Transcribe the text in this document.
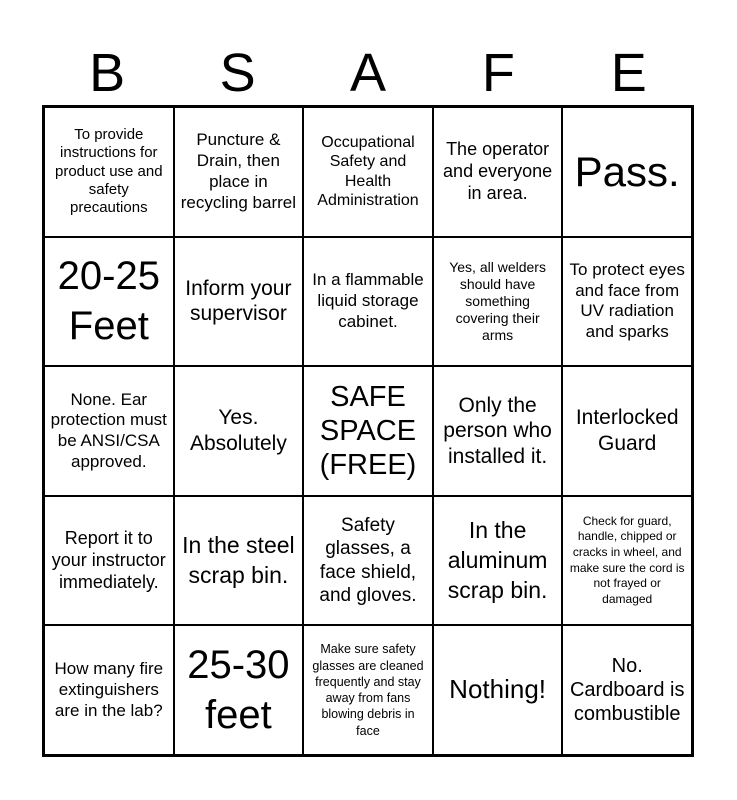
B	S	A	F	E
To provide instructions for product use and safety precautions
Puncture & Drain, then place in recycling barrel
Occupational Safety and Health Administration
The operator and everyone in area.	Pass.
20-25 Feet
Inform your supervisor
In a flammable liquid storage cabinet.
Yes, all welders should have something covering their arms
To protect eyes and face from UV radiation and sparks
None. Ear protection must be ANSI/CSA approved.
Yes. Absolutely
SAFE SPACE (FREE)
Only the person who installed it.
Interlocked Guard
Report it to your instructor immediately.
In the steel scrap bin.
Safety glasses, a face shield, and gloves.
In the aluminum scrap bin.
Check for guard, handle, chipped or cracks in wheel, and make sure the cord is not frayed or damaged
How many fire extinguishers are in the lab?
25-30 feet
Make sure safety glasses are cleaned frequently and stay away from fans blowing debris in face
Nothing!
No. Cardboard is combustible
